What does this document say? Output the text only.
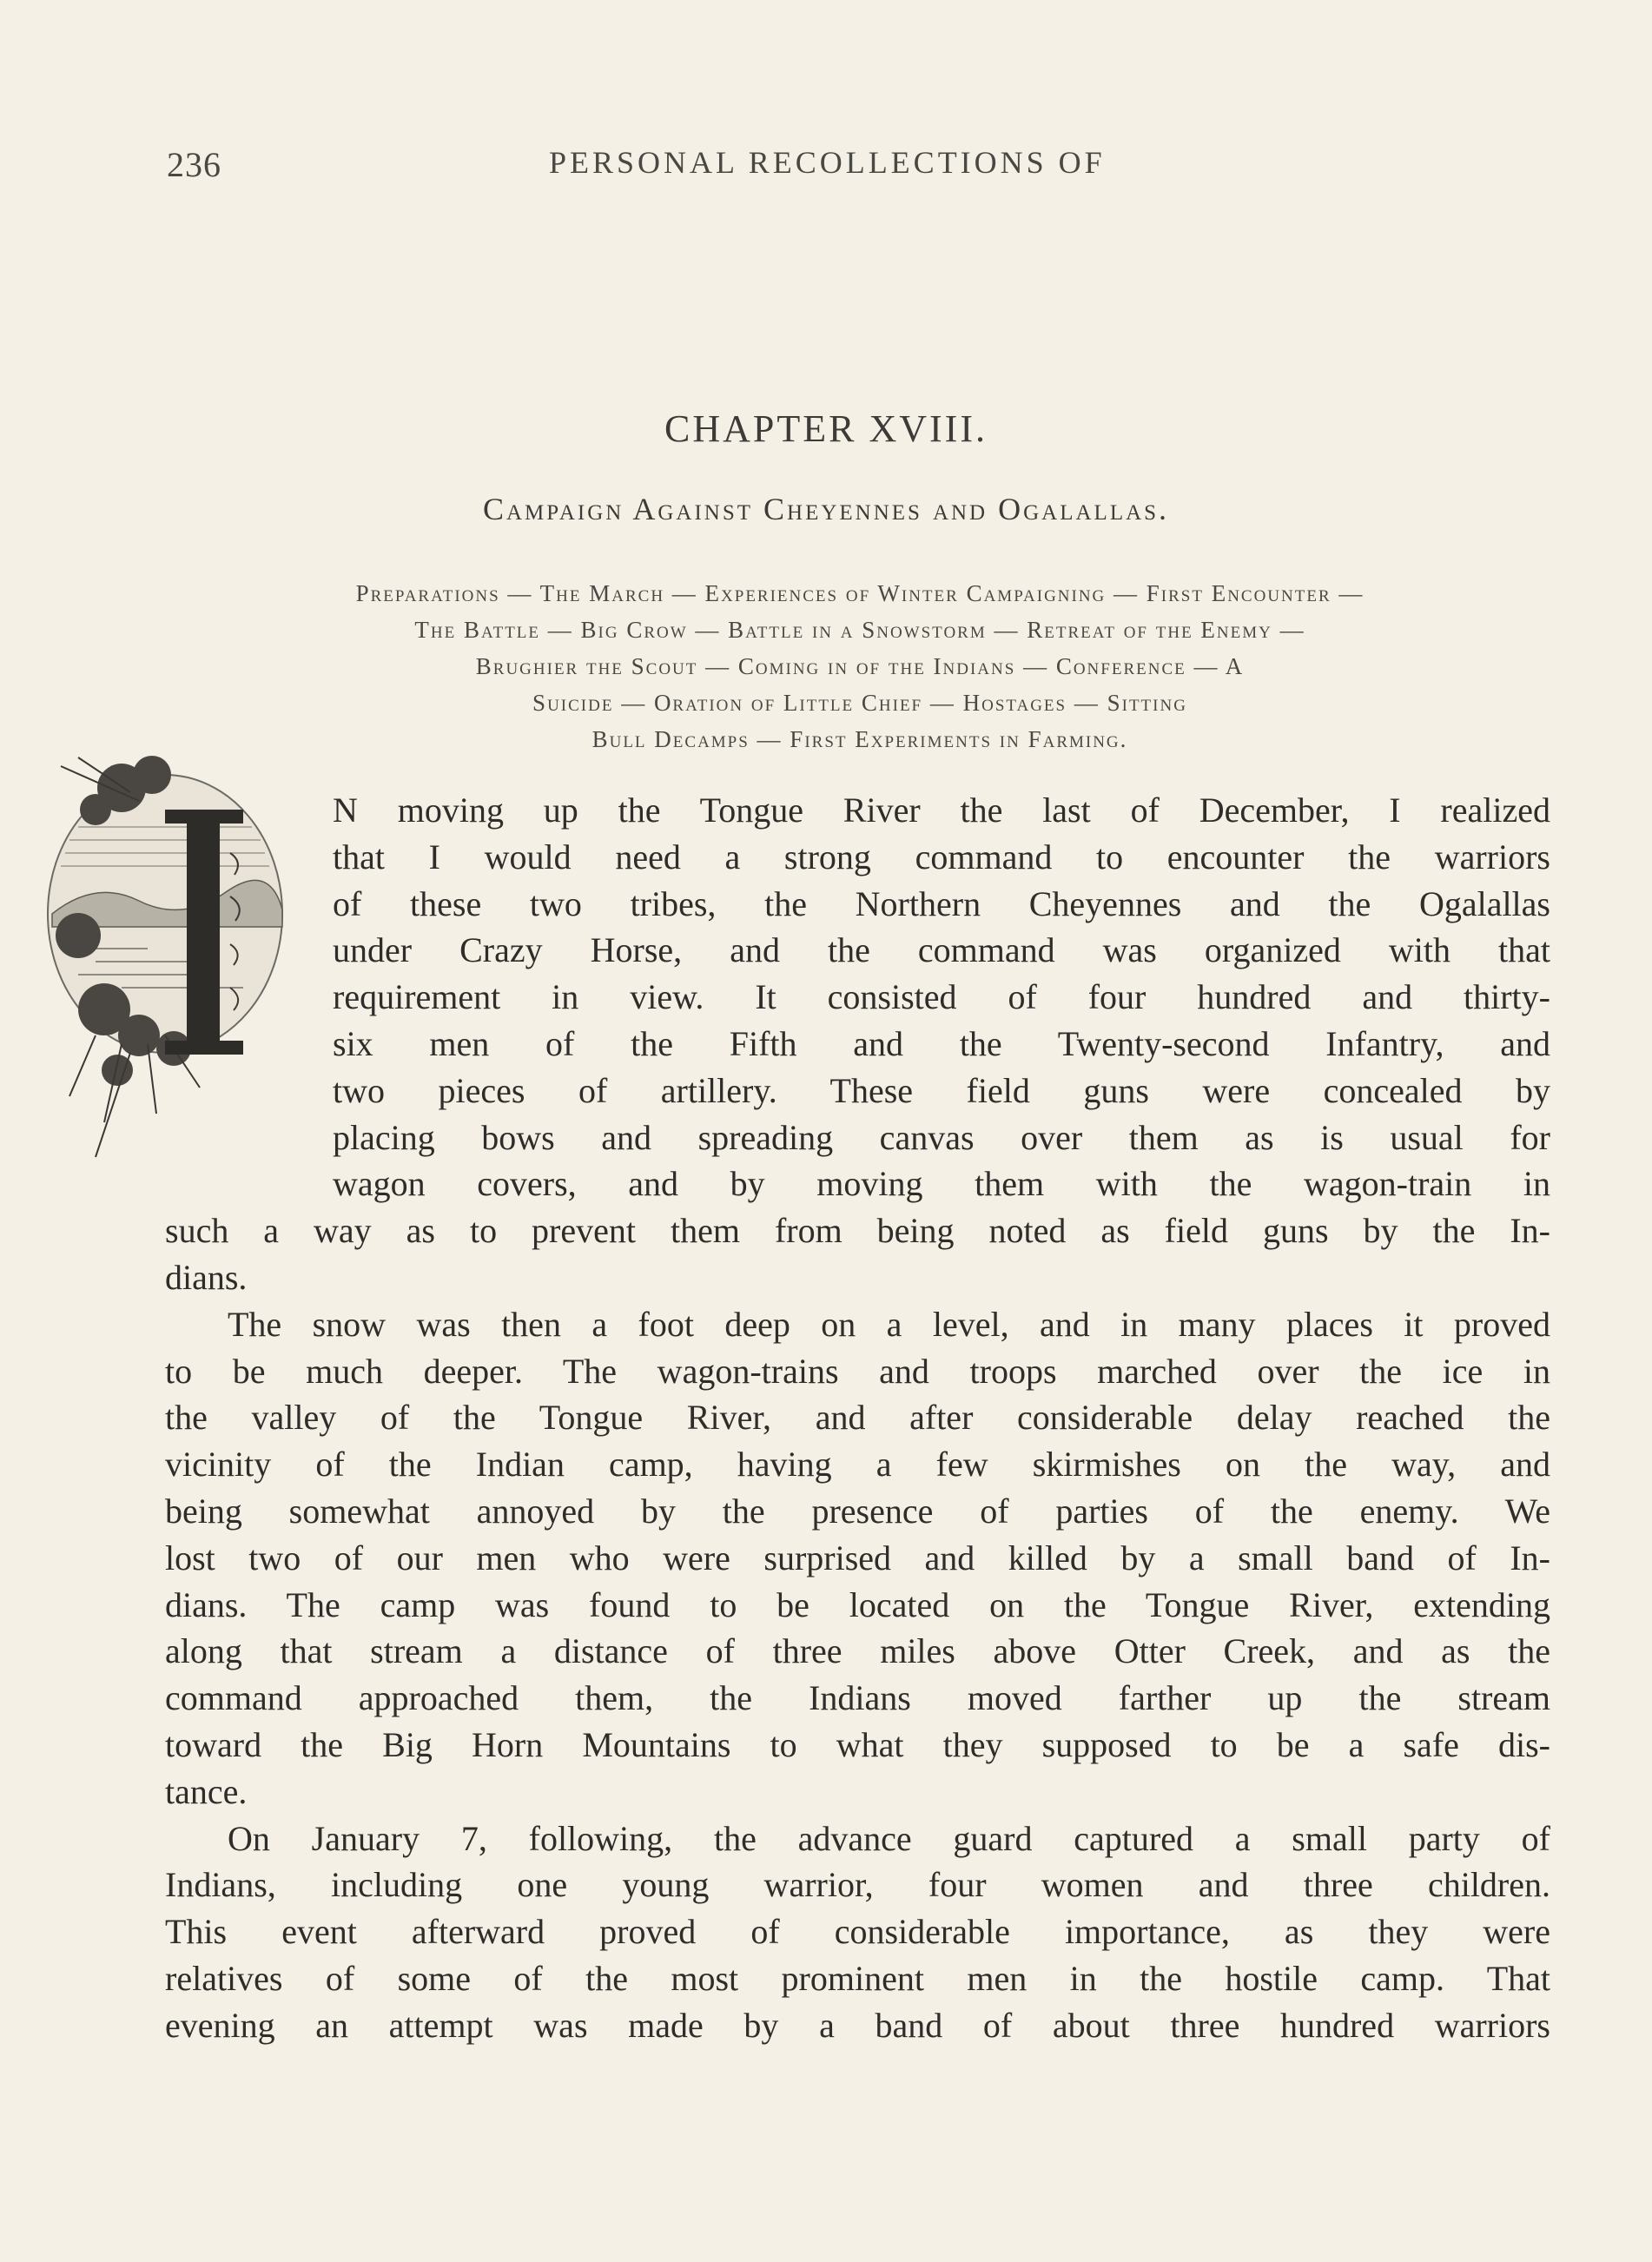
236	PERSONAL RECOLLECTIONS OF
CHAPTER XVIII.
Campaign Against Cheyennes and Ogalallas.
Preparations — The March — Experiences of Winter Campaigning — First Encounter —
The Battle — Big Crow — Battle in a Snowstorm — Retreat of the Enemy —
Brughier the Scout — Coming in of the Indians — Conference — A
Suicide — Oration of Little Chief — Hostages — Sitting
Bull Decamps — First Experiments in Farming.
N moving up the Tongue River the last of December, I realized
that I would need a strong command to encounter the warriors
of these two tribes, the Northern Cheyennes and the Ogalallas
under Crazy Horse, and the command was organized with that
requirement in view. It consisted of four hundred and thirty-
six men of the Fifth and the Twenty-second Infantry, and
two pieces of artillery. These field guns were concealed by
placing bows and spreading canvas over them as is usual for
wagon covers, and by moving them with the wagon-train in
such a way as to prevent them from being noted as field guns by the In-
dians.
The snow was then a foot deep on a level, and in many places it proved
to be much deeper. The wagon-trains and troops marched over the ice in
the valley of the Tongue River, and after considerable delay reached the
vicinity of the Indian camp, having a few skirmishes on the way, and
being somewhat annoyed by the presence of parties of the enemy. We
lost two of our men who were surprised and killed by a small band of In-
dians. The camp was found to be located on the Tongue River, extending
along that stream a distance of three miles above Otter Creek, and as the
command approached them, the Indians moved farther up the stream
toward the Big Horn Mountains to what they supposed to be a safe dis-
tance.
On January 7, following, the advance guard captured a small party of
Indians, including one young warrior, four women and three children.
This event afterward proved of considerable importance, as they were
relatives of some of the most prominent men in the hostile camp. That
evening an attempt was made by a band of about three hundred warriors
